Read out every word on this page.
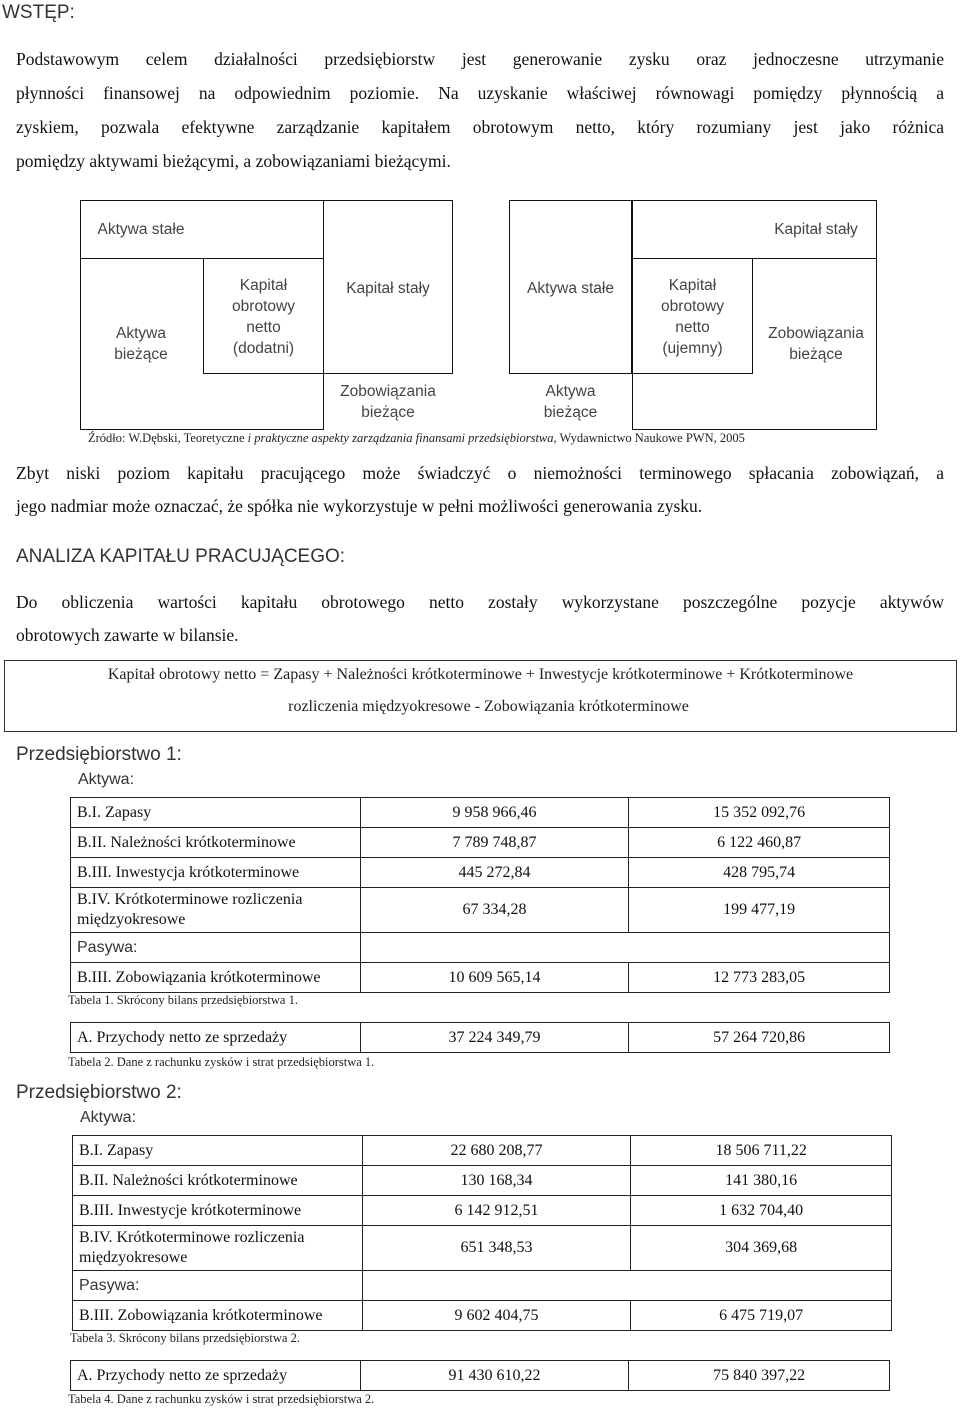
WSTĘP:
Podstawowym celem działalności przedsiębiorstw jest generowanie zysku oraz jednoczesne utrzymanie
płynności finansowej na odpowiednim poziomie. Na uzyskanie właściwej równowagi pomiędzy płynnością a
zyskiem, pozwala efektywne zarządzanie kapitałem obrotowym netto, który rozumiany jest jako różnica
pomiędzy aktywami bieżącymi, a zobowiązaniami bieżącymi.
Aktywa stałe	Kapitał stały
Aktywa
bieżące
Kapitał
obrotowy
netto
(dodatni)
Kapitał stały
Zobowiązania
bieżące
Aktywa stałe
Aktywa
bieżące
Kapitał
obrotowy
netto
(ujemny)
Zobowiązania
bieżące
Źródło: W.Dębski, Teoretyczne i praktyczne aspekty zarządzania finansami przedsiębiorstwa, Wydawnictwo Naukowe PWN, 2005
Zbyt niski poziom kapitału pracującego może świadczyć o niemożności terminowego spłacania zobowiązań, a
jego nadmiar może oznaczać, że spółka nie wykorzystuje w pełni możliwości generowania zysku.
ANALIZA KAPITAŁU PRACUJĄCEGO:
Do obliczenia wartości kapitału obrotowego netto zostały wykorzystane poszczególne pozycje aktywów
obrotowych zawarte w bilansie.
Kapitał obrotowy netto = Zapasy + Należności krótkoterminowe + Inwestycje krótkoterminowe + Krótkoterminowe
rozliczenia międzyokresowe - Zobowiązania krótkoterminowe
Przedsiębiorstwo 1:
Aktywa:
B.I. Zapasy	9 958 966,46	15 352 092,76
B.II. Należności krótkoterminowe	7 789 748,87	6 122 460,87
B.III. Inwestycja krótkoterminowe	445 272,84	428 795,74
B.IV. Krótkoterminowe rozliczenia
międzyokresowe	67 334,28	199 477,19
Pasywa:		
B.III. Zobowiązania krótkoterminowe	10 609 565,14	12 773 283,05
Tabela 1. Skrócony bilans przedsiębiorstwa 1.
A. Przychody netto ze sprzedaży	37 224 349,79	57 264 720,86
Tabela 2. Dane z rachunku zysków i strat przedsiębiorstwa 1.
Przedsiębiorstwo 2:
Aktywa:
B.I. Zapasy	22 680 208,77	18 506 711,22
B.II. Należności krótkoterminowe	130 168,34	141 380,16
B.III. Inwestycje krótkoterminowe	6 142 912,51	1 632 704,40
B.IV. Krótkoterminowe rozliczenia
międzyokresowe	651 348,53	304 369,68
Pasywa:		
B.III. Zobowiązania krótkoterminowe	9 602 404,75	6 475 719,07
Tabela 3. Skrócony bilans przedsiębiorstwa 2.
A. Przychody netto ze sprzedaży	91 430 610,22	75 840 397,22
Tabela 4. Dane z rachunku zysków i strat przedsiębiorstwa 2.
